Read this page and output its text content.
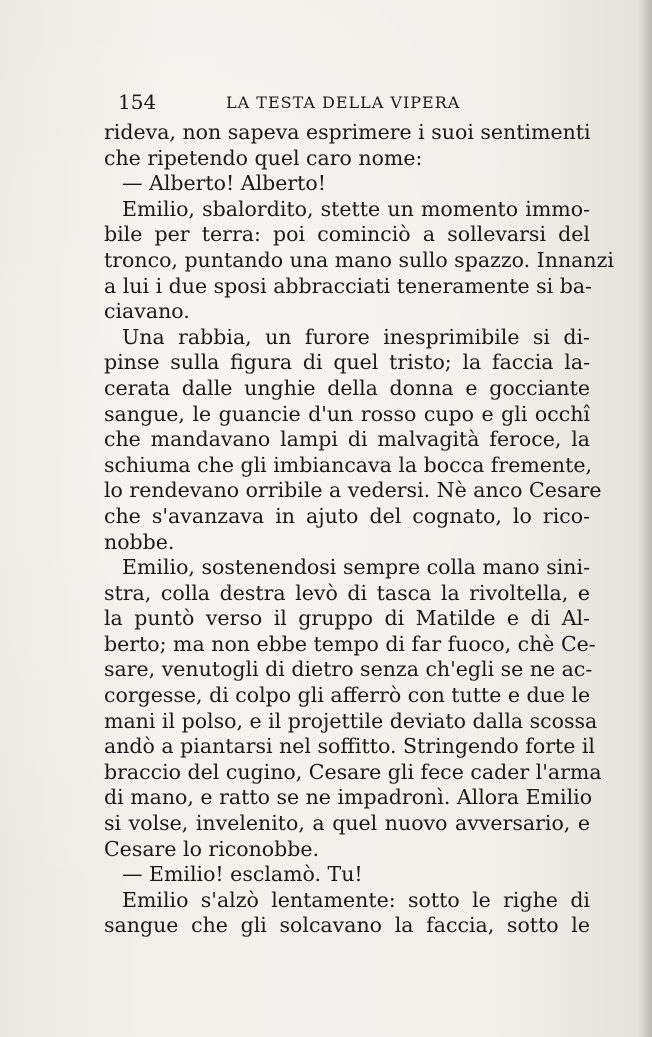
154	LA TESTA DELLA VIPERA
rideva, non sapeva esprimere i suoi sentimenti
che ripetendo quel caro nome:
— Alberto! Alberto!
Emilio, sbalordito, stette un momento immo-
bile per terra: poi cominciò a sollevarsi del
tronco, puntando una mano sullo spazzo. Innanzi
a lui i due sposi abbracciati teneramente si ba-
ciavano.
Una rabbia, un furore inesprimibile si di-
pinse sulla figura di quel tristo; la faccia la-
cerata dalle unghie della donna e gocciante
sangue, le guancie d'un rosso cupo e gli occhî
che mandavano lampi di malvagità feroce, la
schiuma che gli imbiancava la bocca fremente,
lo rendevano orribile a vedersi. Nè anco Cesare
che s'avanzava in ajuto del cognato, lo rico-
nobbe.
Emilio, sostenendosi sempre colla mano sini-
stra, colla destra levò di tasca la rivoltella, e
la puntò verso il gruppo di Matilde e di Al-
berto; ma non ebbe tempo di far fuoco, chè Ce-
sare, venutogli di dietro senza ch'egli se ne ac-
corgesse, di colpo gli afferrò con tutte e due le
mani il polso, e il projettile deviato dalla scossa
andò a piantarsi nel soffitto. Stringendo forte il
braccio del cugino, Cesare gli fece cader l'arma
di mano, e ratto se ne impadronì. Allora Emilio
si volse, invelenito, a quel nuovo avversario, e
Cesare lo riconobbe.
— Emilio! esclamò. Tu!
Emilio s'alzò lentamente: sotto le righe di
sangue che gli solcavano la faccia, sotto le
